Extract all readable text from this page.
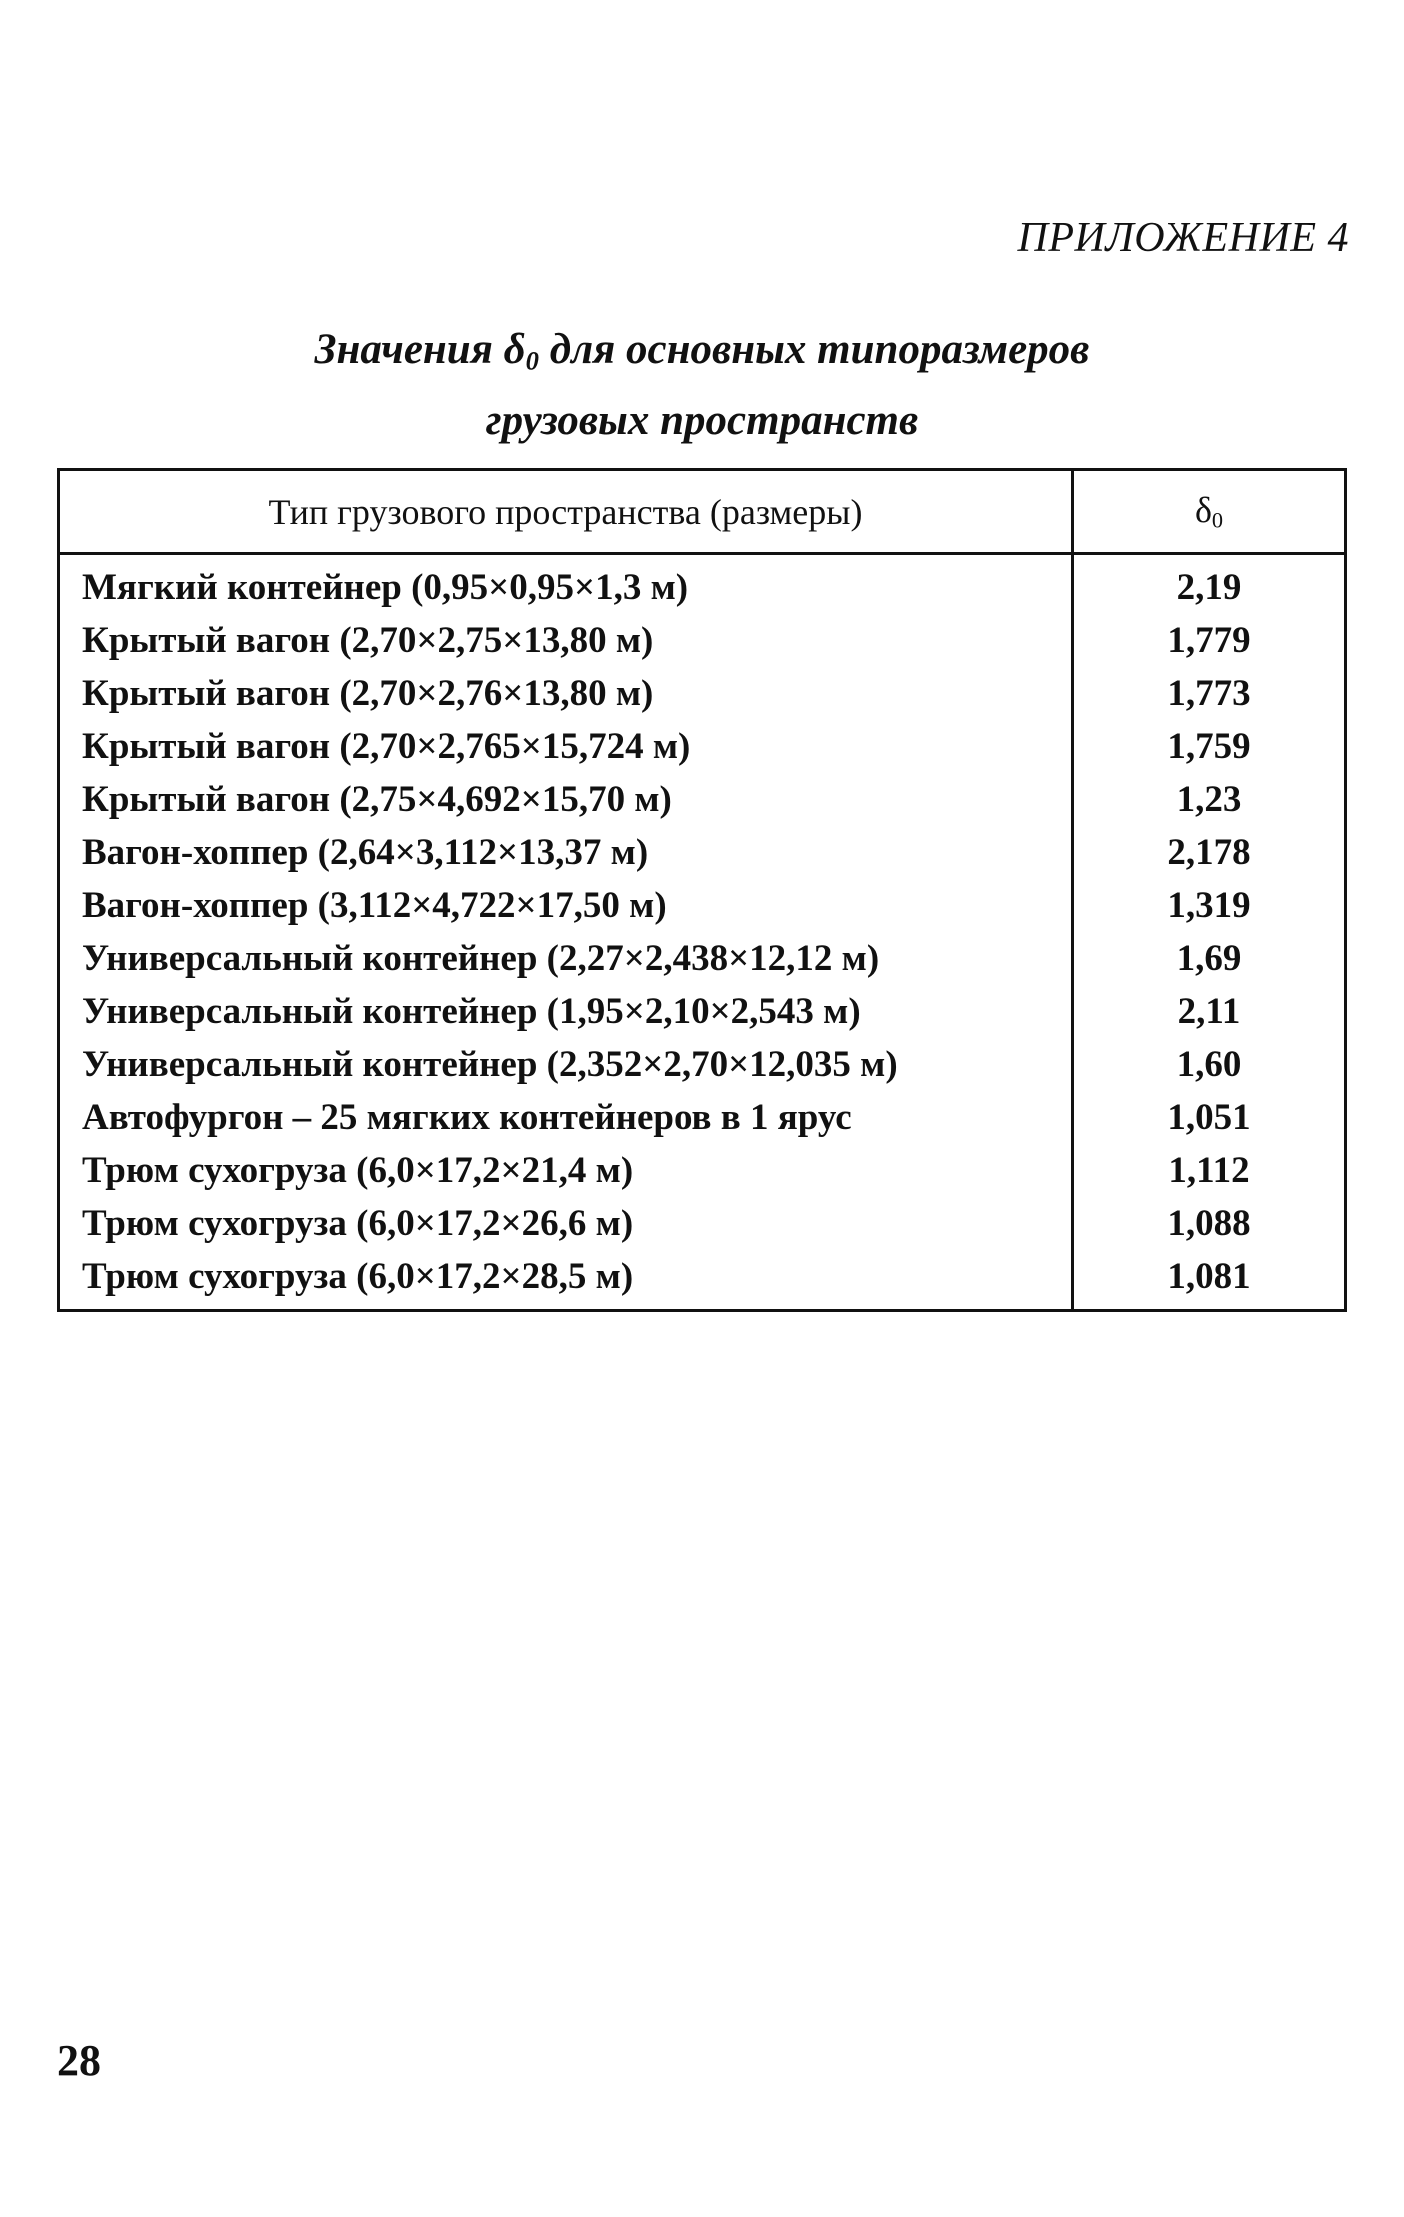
ПРИЛОЖЕНИЕ 4
Значения $\delta_0$ для основных типоразмеров
грузовых пространств
Тип грузового пространства (размеры)	$\delta_0$
Мягкий контейнер (0,95×0,95×1,3 м)	2,19
Крытый вагон (2,70×2,75×13,80 м)	1,779
Крытый вагон (2,70×2,76×13,80 м)	1,773
Крытый вагон (2,70×2,765×15,724 м)	1,759
Крытый вагон (2,75×4,692×15,70 м)	1,23
Вагон-хоппер (2,64×3,112×13,37 м)	2,178
Вагон-хоппер (3,112×4,722×17,50 м)	1,319
Универсальный контейнер (2,27×2,438×12,12 м)	1,69
Универсальный контейнер (1,95×2,10×2,543 м)	2,11
Универсальный контейнер (2,352×2,70×12,035 м)	1,60
Автофургон – 25 мягких контейнеров в 1 ярус	1,051
Трюм сухогруза (6,0×17,2×21,4 м)	1,112
Трюм сухогруза (6,0×17,2×26,6 м)	1,088
Трюм сухогруза (6,0×17,2×28,5 м)	1,081
28
